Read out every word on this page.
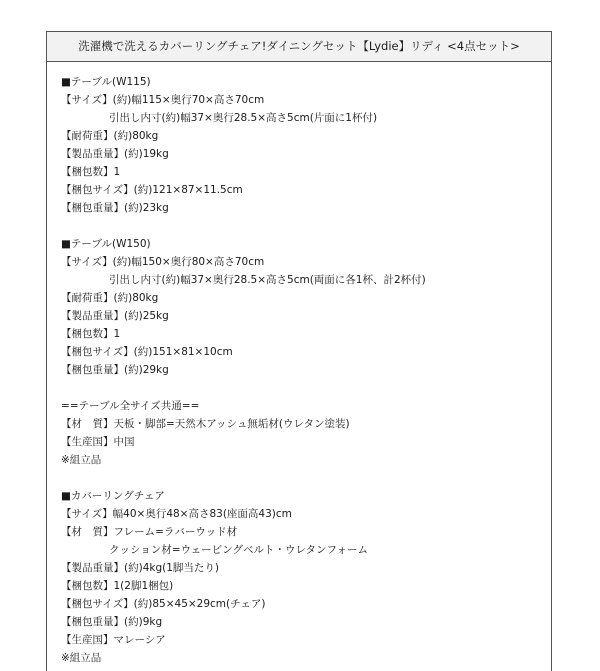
洗濯機で洗えるカバーリングチェア!ダイニングセット【Lydie】リディ <4点セット>
■テーブル(W115)
【サイズ】(約)幅115×奥行70×高さ70cm
引出し内寸(約)幅37×奥行28.5×高さ5cm(片面に1杯付)
【耐荷重】(約)80kg
【製品重量】(約)19kg
【梱包数】1
【梱包サイズ】(約)121×87×11.5cm
【梱包重量】(約)23kg
■テーブル(W150)
【サイズ】(約)幅150×奥行80×高さ70cm
引出し内寸(約)幅37×奥行28.5×高さ5cm(両面に各1杯、計2杯付)
【耐荷重】(約)80kg
【製品重量】(約)25kg
【梱包数】1
【梱包サイズ】(約)151×81×10cm
【梱包重量】(約)29kg
==テーブル全サイズ共通==
【材　質】天板・脚部=天然木アッシュ無垢材(ウレタン塗装)
【生産国】中国
※組立品
■カバーリングチェア
【サイズ】幅40×奥行48×高さ83(座面高43)cm
【材　質】フレーム=ラバーウッド材
クッション材=ウェービングベルト・ウレタンフォーム
【製品重量】(約)4kg(1脚当たり)
【梱包数】1(2脚1梱包)
【梱包サイズ】(約)85×45×29cm(チェア)
【梱包重量】(約)9kg
【生産国】マレーシア
※組立品
